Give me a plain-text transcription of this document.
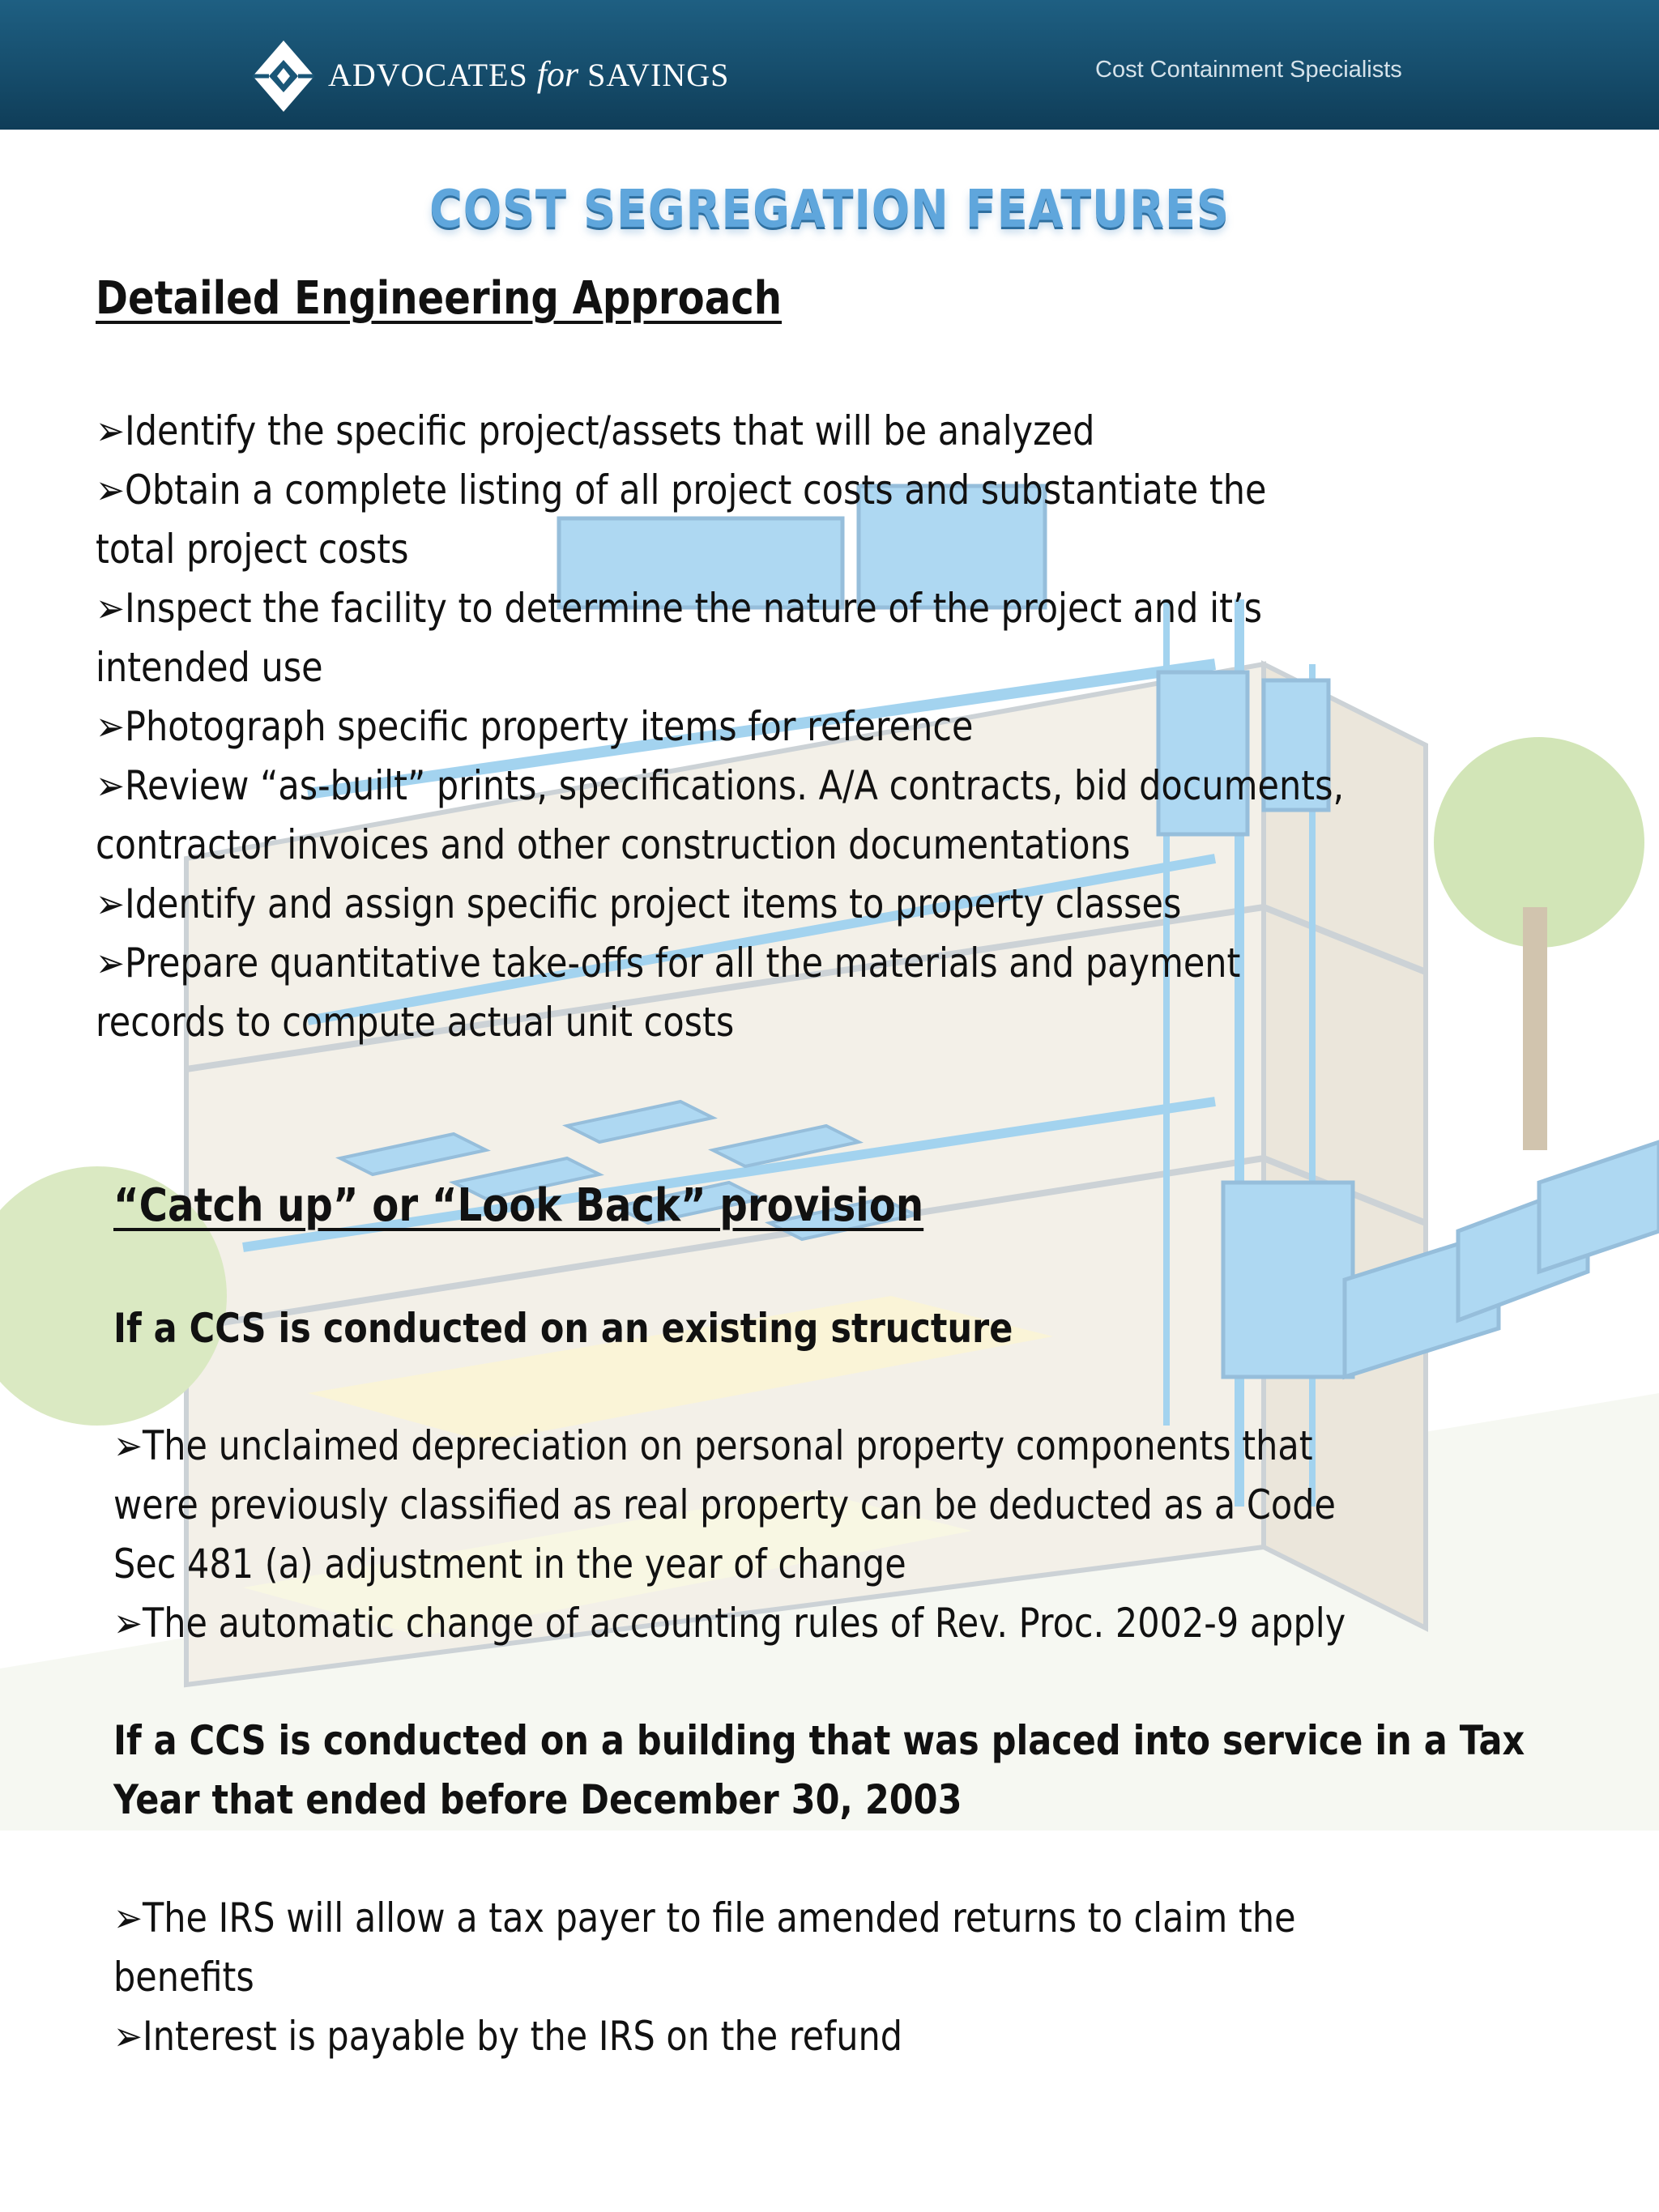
ADVOCATES for SAVINGS	Cost Containment Specialists
COST SEGREGATION FEATURES
Detailed Engineering Approach
➢Identify the specific project/assets that will be analyzed
➢Obtain a complete listing of all project costs and substantiate the
total project costs
➢Inspect the facility to determine the nature of the project and it’s
intended use
➢Photograph specific property items for reference
➢Review “as-built” prints, specifications. A/A contracts, bid documents,
contractor invoices and other construction documentations
➢Identify and assign specific project items to property classes
➢Prepare quantitative take-offs for all the materials and payment
records to compute actual unit costs
“Catch up” or “Look Back” provision
If a CCS is conducted on an existing structure
➢The unclaimed depreciation on personal property components that
were previously classified as real property can be deducted as a Code
Sec 481 (a) adjustment in the year of change
➢The automatic change of accounting rules of Rev. Proc. 2002-9 apply
If a CCS is conducted on a building that was placed into service in a Tax
Year that ended before December 30, 2003
➢The IRS will allow a tax payer to file amended returns to claim the
benefits
➢Interest is payable by the IRS on the refund
